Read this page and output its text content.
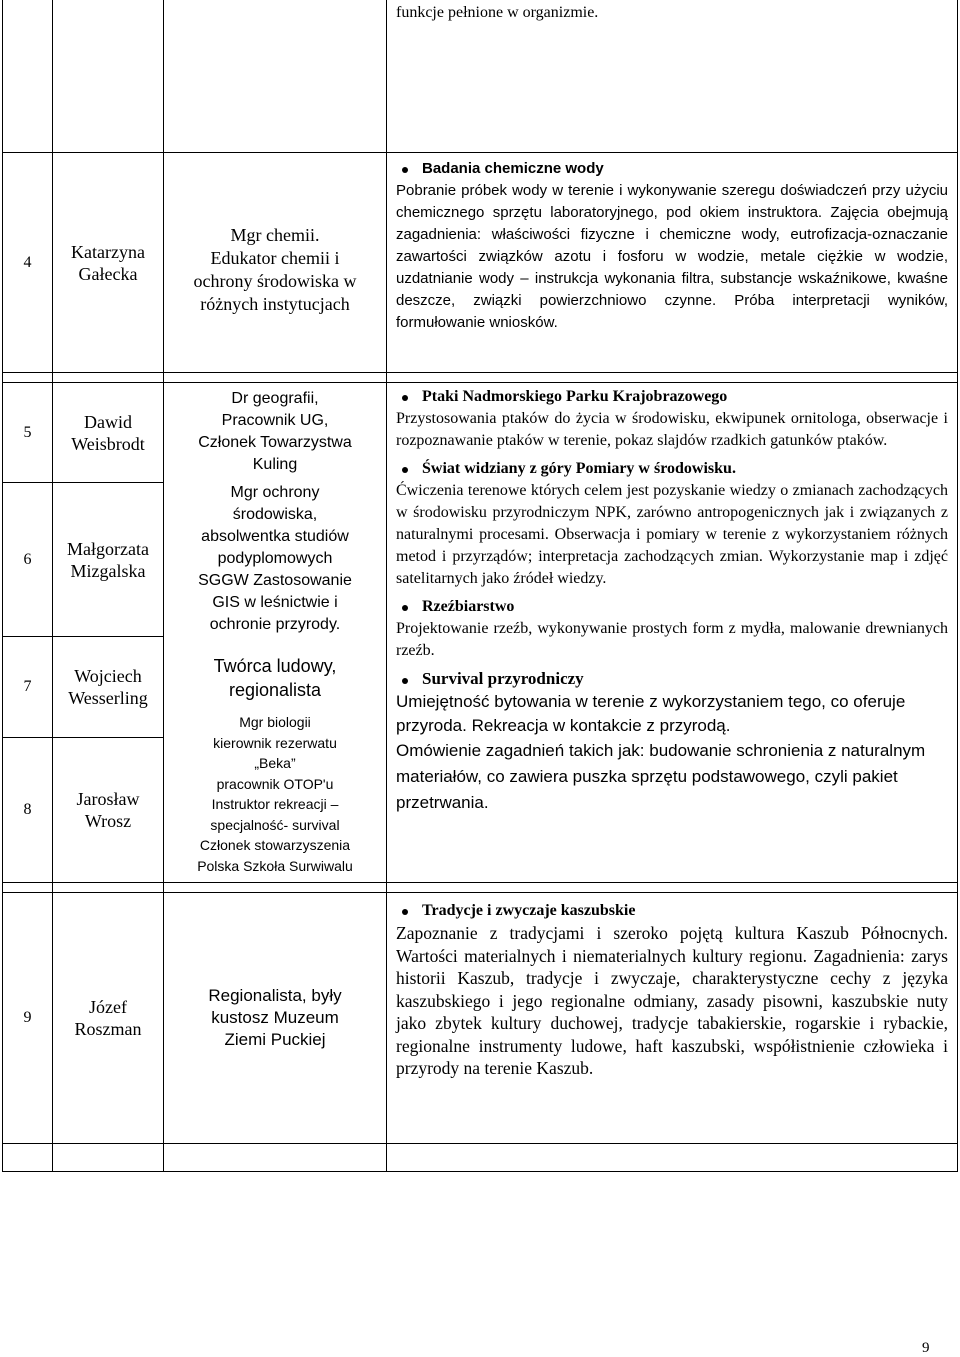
funkcje pełnione w organizmie.
4
Katarzyna
Gałecka
Mgr chemii.
Edukator chemii i
ochrony środowiska w
różnych instytucjach
Badania chemiczne wody
Pobranie próbek wody w terenie i wykonywanie szeregu doświadczeń przy użyciu chemicznego sprzętu laboratoryjnego, pod okiem instruktora. Zajęcia obejmują zagadnienia: właściwości fizyczne i chemiczne wody, eutrofizacja-oznaczanie zawartości związków azotu i fosforu w wodzie, metale ciężkie w wodzie, uzdatnianie wody – instrukcja wykonania filtra, substancje wskaźnikowe, kwaśne deszcze, związki powierzchniowo czynne. Próba interpretacji wyników, formułowanie wniosków.
5
Dawid
Weisbrodt
6
Małgorzata
Mizgalska
7
Wojciech
Wesserling
8
Jarosław
Wrosz
Dr geografii,
Pracownik UG,
Członek Towarzystwa
Kuling
Mgr ochrony
środowiska,
absolwentka studiów
podyplomowych
SGGW Zastosowanie
GIS w leśnictwie i
ochronie przyrody.
Twórca ludowy,
regionalista
Mgr biologii
kierownik rezerwatu
„Beka”
pracownik OTOP'u
Instruktor rekreacji –
specjalność- survival
Członek stowarzyszenia
Polska Szkoła Surwiwalu
Ptaki Nadmorskiego Parku Krajobrazowego
Przystosowania ptaków do życia w środowisku, ekwipunek ornitologa, obserwacje i rozpoznawanie ptaków w terenie, pokaz slajdów rzadkich gatunków ptaków.
Świat widziany z góry Pomiary w środowisku.
Ćwiczenia terenowe których celem jest pozyskanie wiedzy o zmianach zachodzących w środowisku przyrodniczym NPK, zarówno antropogenicznych jak i związanych z naturalnymi procesami. Obserwacja i pomiary w terenie z wykorzystaniem różnych metod i przyrządów; interpretacja zachodzących zmian. Wykorzystanie map i zdjęć satelitarnych jako źródeł wiedzy.
Rzeźbiarstwo
Projektowanie rzeźb, wykonywanie prostych form z mydła, malowanie drewnianych rzeźb.
Survival przyrodniczy
Umiejętność bytowania w terenie z wykorzystaniem tego, co oferuje przyroda. Rekreacja w kontakcie z przyrodą.
Omówienie zagadnień takich jak: budowanie schronienia z naturalnym materiałów, co zawiera puszka sprzętu podstawowego, czyli pakiet przetrwania.
9
Józef
Roszman
Regionalista, były
kustosz Muzeum
Ziemi Puckiej
Tradycje i zwyczaje kaszubskie
Zapoznanie z tradycjami i szeroko pojętą kultura Kaszub Północnych. Wartości materialnych i niematerialnych kultury regionu. Zagadnienia: zarys historii Kaszub, tradycje i zwyczaje, charakterystyczne cechy z języka kaszubskiego i jego regionalne odmiany, zasady pisowni, kaszubskie nuty jako zbytek kultury duchowej, tradycje tabakierskie, rogarskie i rybackie, regionalne instrumenty ludowe, haft kaszubski, współistnienie człowieka i przyrody na terenie Kaszub.
9
